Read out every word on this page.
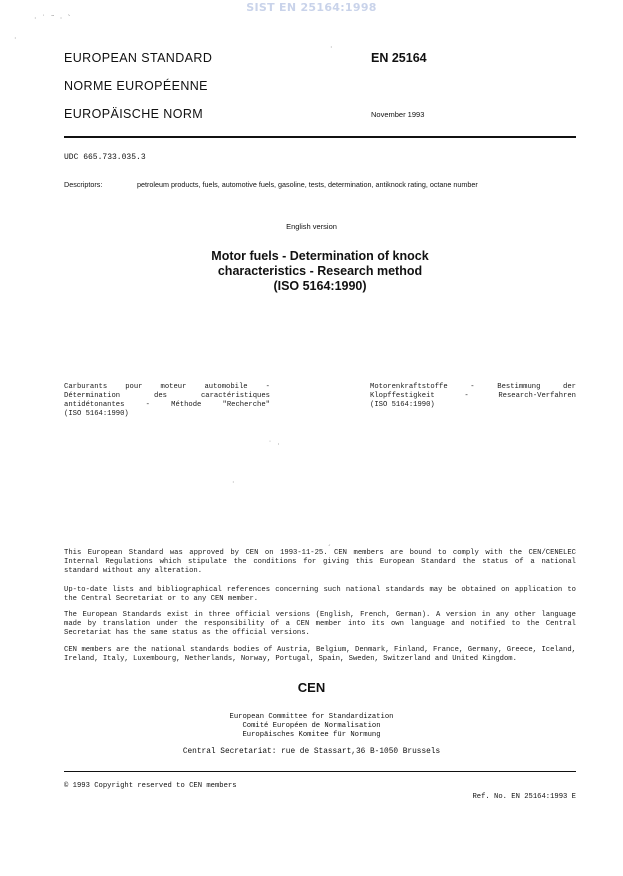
SIST EN 25164:1998
·  ˙  ˜  ·  ˋ
·
·
EUROPEAN STANDARD
NORME EUROPÉENNE
EUROPÄISCHE NORM
EN 25164
November 1993
UDC 665.733.035.3
Descriptors:	petroleum products, fuels, automotive fuels, gasoline, tests, determination, antiknock rating, octane number
English version
Motor fuels - Determination of knock
characteristics - Research method
(ISO 5164:1990)
Carburants pour moteur automobile -
Détermination des caractéristiques
antidétonantes - Méthode "Recherche"
(ISO 5164:1990)
Motorenkraftstoffe - Bestimmung der
Klopffestigkeit - Research-Verfahren
(ISO 5164:1990)
˙  ·
·
ˏ
This European Standard was approved by CEN on 1993-11-25. CEN members are bound to comply with the CEN/CENELEC Internal Regulations which stipulate the conditions for giving this European Standard the status of a national standard without any alteration.
Up-to-date lists and bibliographical references concerning such national standards may be obtained on application to the Central Secretariat or to any CEN member.
The European Standards exist in three official versions (English, French, German). A version in any other language made by translation under the responsibility of a CEN member into its own language and notified to the Central Secretariat has the same status as the official versions.
CEN members are the national standards bodies of Austria, Belgium, Denmark, Finland, France, Germany, Greece, Iceland, Ireland, Italy, Luxembourg, Netherlands, Norway, Portugal, Spain, Sweden, Switzerland and United Kingdom.
CEN
European Committee for Standardization
Comité Européen de Normalisation
Europäisches Komitee für Normung
Central Secretariat: rue de Stassart,36 B-1050 Brussels
© 1993 Copyright reserved to CEN members
Ref. No. EN 25164:1993 E
